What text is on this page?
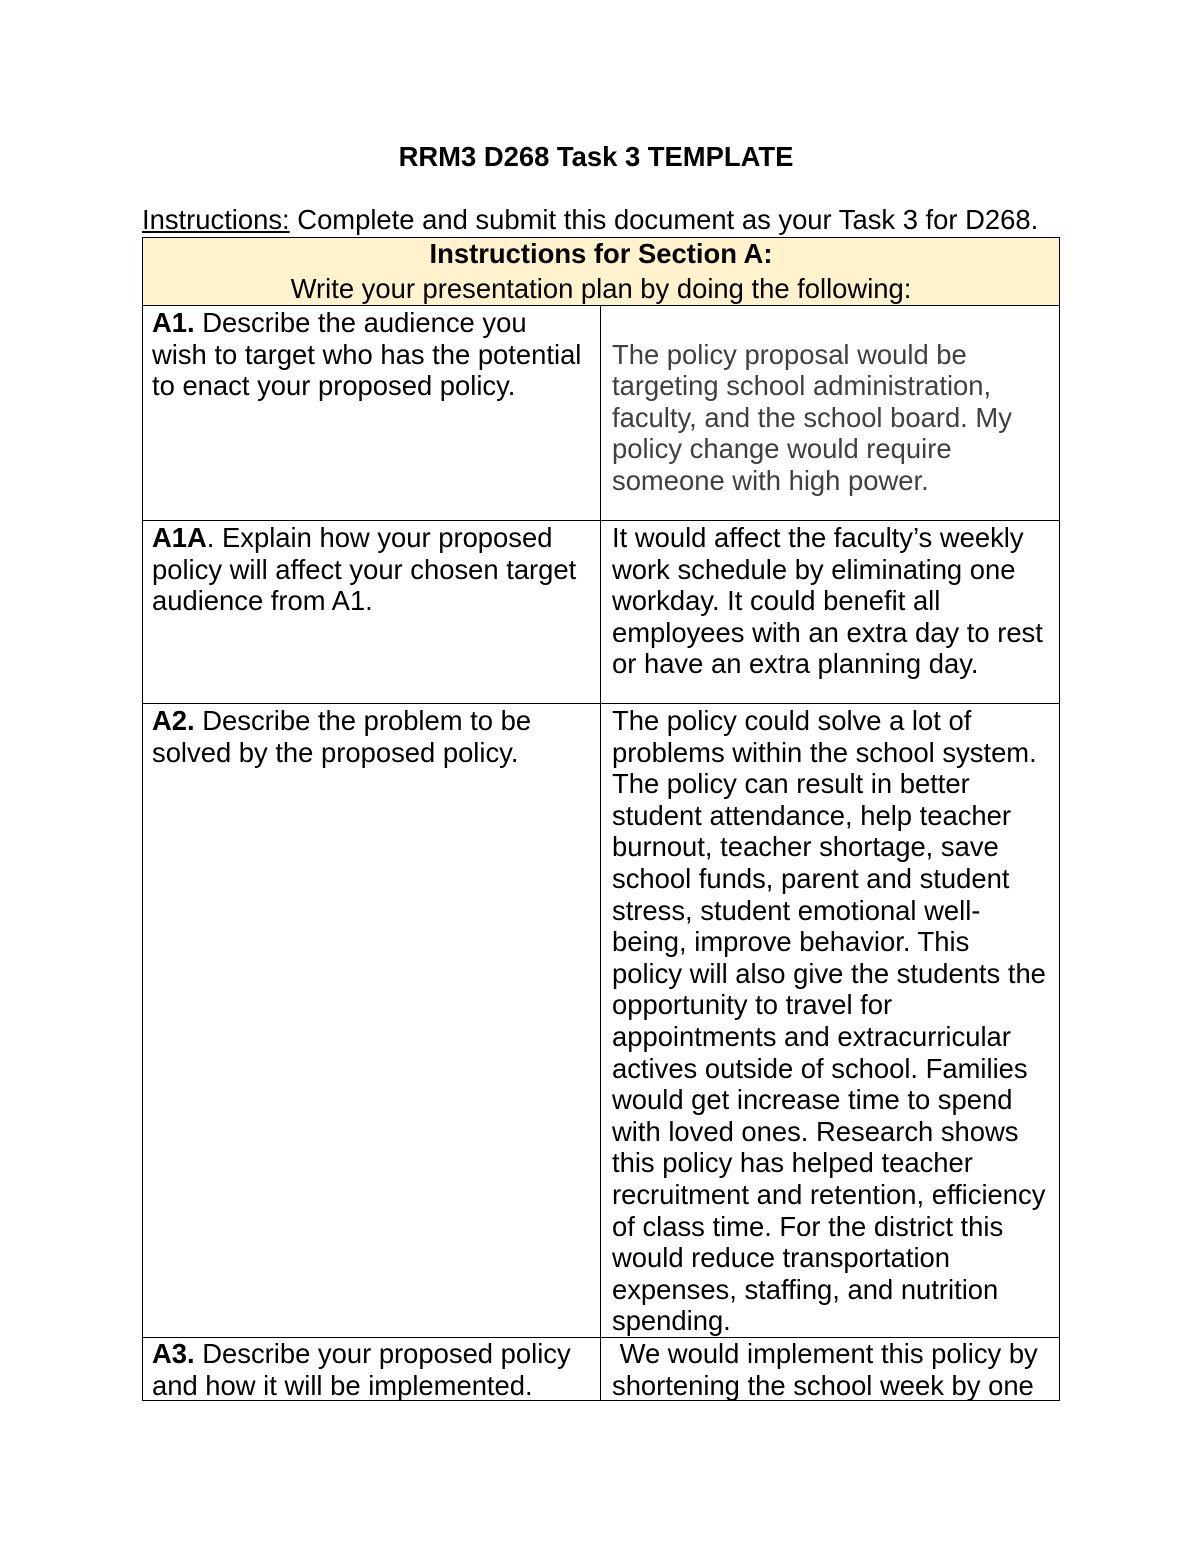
RRM3 D268 Task 3 TEMPLATE
Instructions: Complete and submit this document as your Task 3 for D268.
Instructions for Section A:
Write your presentation plan by doing the following:
A1. Describe the audience you
wish to target who has the potential
to enact your proposed policy.
The policy proposal would be
targeting school administration,
faculty, and the school board. My
policy change would require
someone with high power.
A1A. Explain how your proposed
policy will affect your chosen target
audience from A1.
It would affect the faculty’s weekly
work schedule by eliminating one
workday. It could benefit all
employees with an extra day to rest
or have an extra planning day.
A2. Describe the problem to be
solved by the proposed policy.
The policy could solve a lot of
problems within the school system.
The policy can result in better
student attendance, help teacher
burnout, teacher shortage, save
school funds, parent and student
stress, student emotional well-
being, improve behavior. This
policy will also give the students the
opportunity to travel for
appointments and extracurricular
actives outside of school. Families
would get increase time to spend
with loved ones. Research shows
this policy has helped teacher
recruitment and retention, efficiency
of class time. For the district this
would reduce transportation
expenses, staffing, and nutrition
spending.
A3. Describe your proposed policy
and how it will be implemented.
We would implement this policy by
shortening the school week by one
